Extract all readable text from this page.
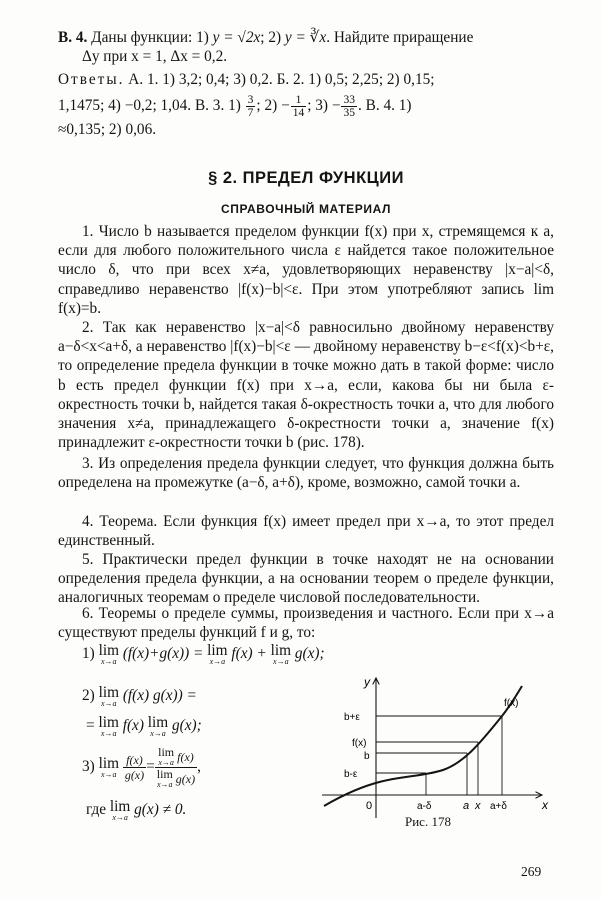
В. 4. Даны функции: 1) y = √2x; 2) y = ∛x. Найдите приращение
Δy при x = 1, Δx = 0,2.

Ответы. А. 1. 1) 3,2; 0,4; 3) 0,2. Б. 2. 1) 0,5; 2,25; 2) 0,15;

1,1475; 4) −0,2; 1,04. В. 3. $1) \frac{3}{7}$ ; $2) - \frac{1}{14}$ ; $3) - \frac{33}{35}$ . В. 4. 1)

≈0,135; 2) 0,06.

§ 2. ПРЕДЕЛ ФУНКЦИИ
СПРАВОЧНЫЙ МАТЕРИАЛ

1. Число b называется пределом функции f(x) при x, стремящемся к a, если для любого положительного числа ε найдется такое положительное число δ, что при всех x≠a, удовлетворяющих неравенству |x−a|<δ, справедливо неравенство |f(x)−b|<ε. При этом употребляют запись lim f(x)=b.

2. Так как неравенство |x−a|<δ равносильно двойному неравенству a−δ<x<a+δ, а неравенство |f(x)−b|<ε — двойному неравенству b−ε<f(x)<b+ε, то определение предела функции в точке можно дать в такой форме: число b есть предел функции f(x) при x→a, если, какова бы ни была ε-окрестность точки b, найдется такая δ-окрестность точки a, что для любого значения x≠a, принадлежащего δ-окрестности точки a, значение f(x) принадлежит ε-окрестности точки b (рис. 178).

3. Из определения предела функции следует, что функция должна быть определена на промежутке (a−δ, a+δ), кроме, возможно, самой точки a.

4. Теорема. Если функция f(x) имеет предел при x→a, то этот предел единственный.

5. Практически предел функции в точке находят не на основании определения предела функции, а на основании теорем о пределе функции, аналогичных теоремам о пределе числовой последовательности.

6. Теоремы о пределе суммы, произведения и частного. Если при x→a существуют пределы функций f и g, то:

1) lim
x→a (f(x)+g(x)) = lim
x→a f(x) + lim
x→a g(x);
2) lim
x→a (f(x) g(x)) =
= lim
x→a f(x) lim
x→a g(x);
3) lim
x→a
$\frac{f(x)}{g(x)} = \lim$
x→a f(x)
lim
x→a g(x) ,
где lim
x→a g(x) ≠ 0.
y
x
0
b+ε
f(x)
b
b-ε
a-δ	a x a+δ
f(x)
Рис. 178
269
